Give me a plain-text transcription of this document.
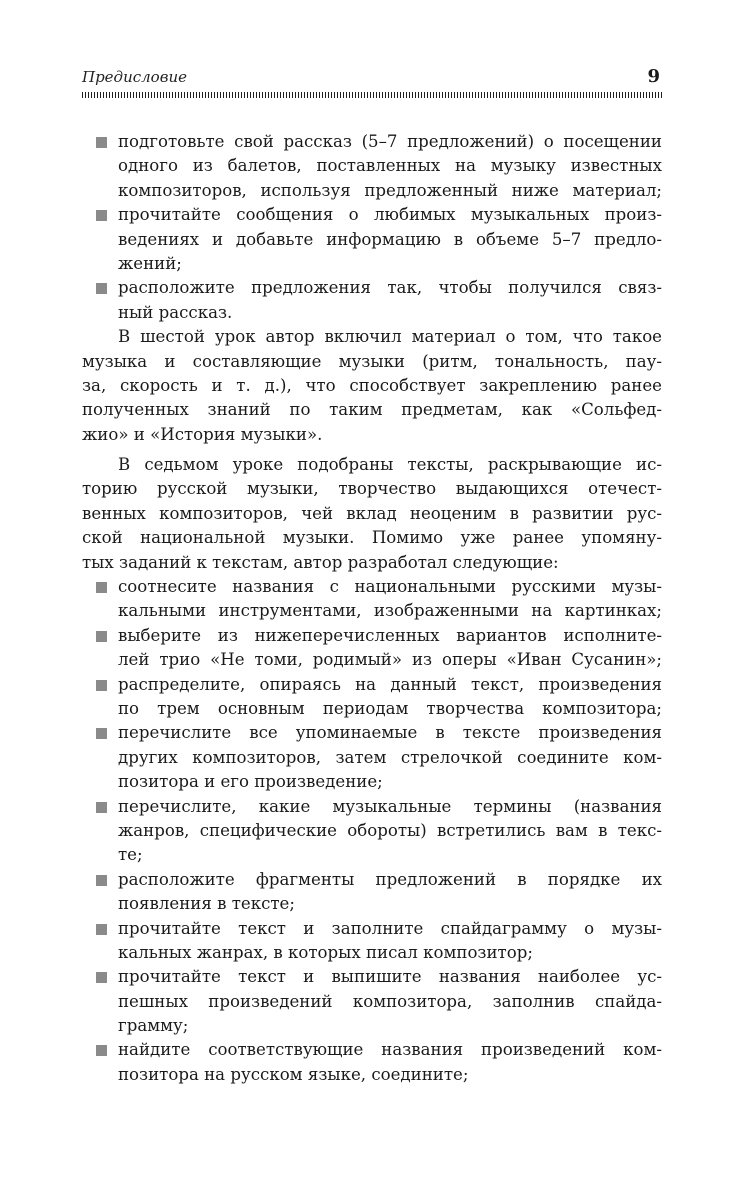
Предисловие	9
подготовьте свой рассказ (5–7 предложений) о посещении
одного из балетов, поставленных на музыку известных
композиторов, используя предложенный ниже материал;
прочитайте сообщения о любимых музыкальных произ-
ведениях и добавьте информацию в объеме 5–7 предло-
жений;
расположите предложения так, чтобы получился связ-
ный рассказ.
В шестой урок автор включил материал о том, что такое
музыка и составляющие музыки (ритм, тональность, пау-
за, скорость и т. д.), что способствует закреплению ранее
полученных знаний по таким предметам, как «Сольфед-
жио» и «История музыки».
В седьмом уроке подобраны тексты, раскрывающие ис-
торию русской музыки, творчество выдающихся отечест-
венных композиторов, чей вклад неоценим в развитии рус-
ской национальной музыки. Помимо уже ранее упомяну-
тых заданий к текстам, автор разработал следующие:
соотнесите названия с национальными русскими музы-
кальными инструментами, изображенными на картинках;
выберите из нижеперечисленных вариантов исполните-
лей трио «Не томи, родимый» из оперы «Иван Сусанин»;
распределите, опираясь на данный текст, произведения
по трем основным периодам творчества композитора;
перечислите все упоминаемые в тексте произведения
других композиторов, затем стрелочкой соедините ком-
позитора и его произведение;
перечислите, какие музыкальные термины (названия
жанров, специфические обороты) встретились вам в текс-
те;
расположите фрагменты предложений в порядке их
появления в тексте;
прочитайте текст и заполните спайдаграмму о музы-
кальных жанрах, в которых писал композитор;
прочитайте текст и выпишите названия наиболее ус-
пешных произведений композитора, заполнив спайда-
грамму;
найдите соответствующие названия произведений ком-
позитора на русском языке, соедините;
